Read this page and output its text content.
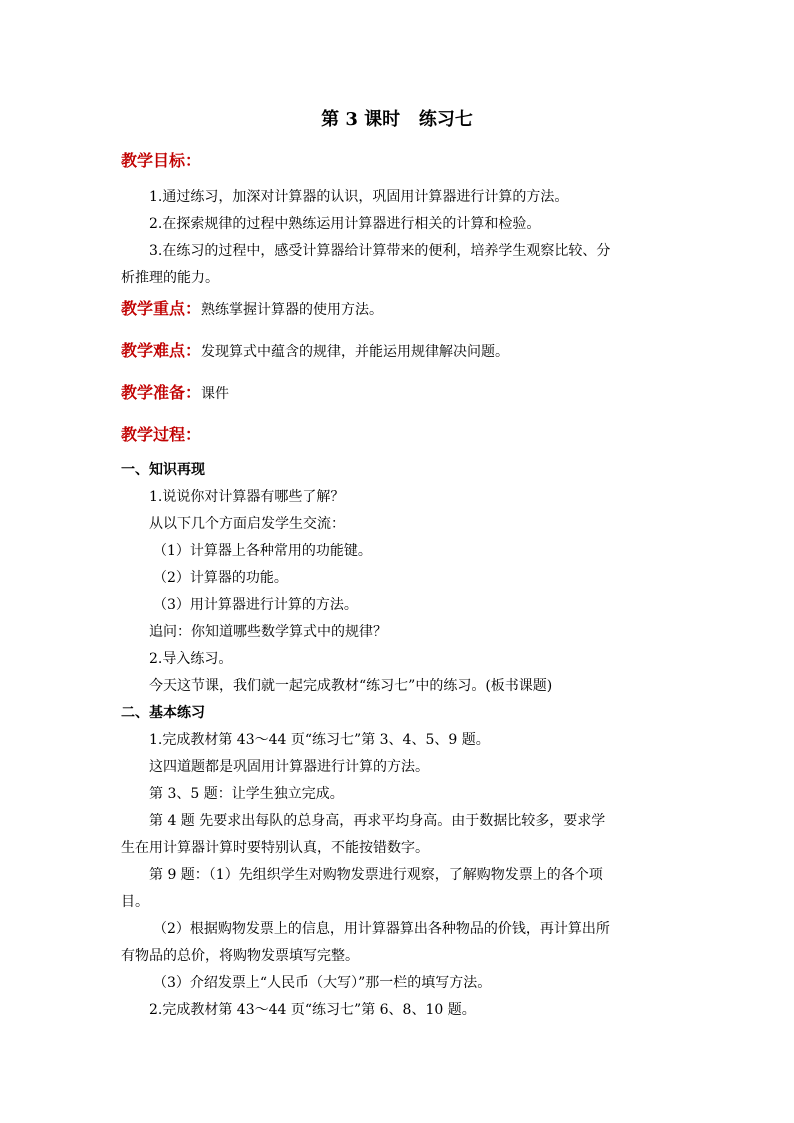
第 3 课时   练习七
教学目标：
1.通过练习，加深对计算器的认识，巩固用计算器进行计算的方法。
2.在探索规律的过程中熟练运用计算器进行相关的计算和检验。
3.在练习的过程中，感受计算器给计算带来的便利，培养学生观察比较、分
析推理的能力。
教学重点：熟练掌握计算器的使用方法。
教学难点：发现算式中蕴含的规律，并能运用规律解决问题。
教学准备：课件
教学过程：
一、知识再现
1.说说你对计算器有哪些了解？
从以下几个方面启发学生交流：
（1）计算器上各种常用的功能键。
（2）计算器的功能。
（3）用计算器进行计算的方法。
追问：你知道哪些数学算式中的规律？
2.导入练习。
今天这节课，我们就一起完成教材“练习七”中的练习。(板书课题)
二、基本练习
1.完成教材第 43～44 页“练习七”第 3、4、5、9 题。
这四道题都是巩固用计算器进行计算的方法。
第 3、5 题：让学生独立完成。
第 4 题 先要求出每队的总身高，再求平均身高。由于数据比较多，要求学
生在用计算器计算时要特别认真，不能按错数字。
第 9 题：（1）先组织学生对购物发票进行观察，了解购物发票上的各个项
目。
（2）根据购物发票上的信息，用计算器算出各种物品的价钱，再计算出所
有物品的总价，将购物发票填写完整。
（3）介绍发票上“人民币（大写）”那一栏的填写方法。
2.完成教材第 43～44 页“练习七”第 6、8、10 题。
